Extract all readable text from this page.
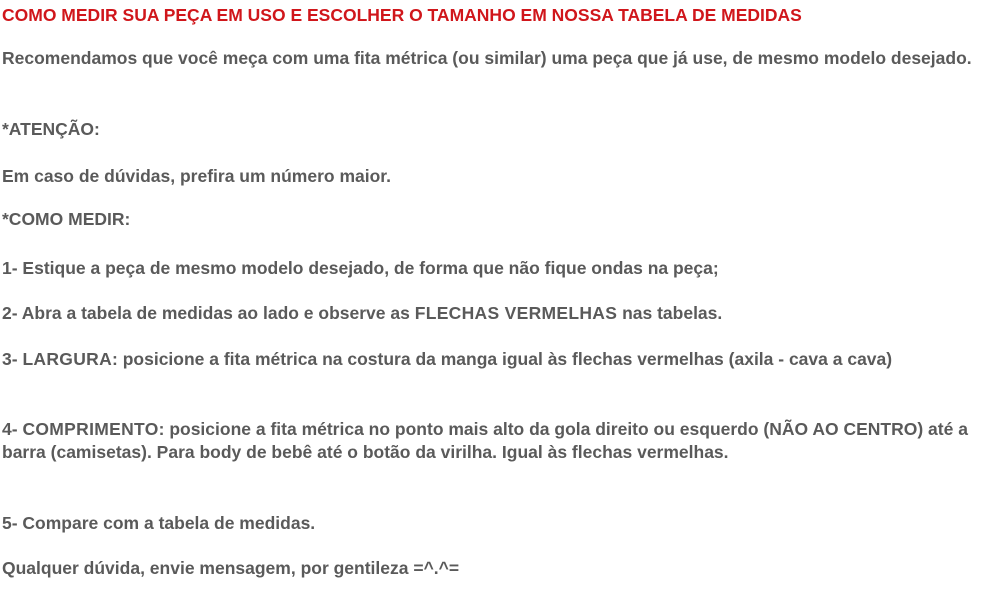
COMO MEDIR SUA PEÇA EM USO E ESCOLHER O TAMANHO EM NOSSA TABELA DE MEDIDAS

Recomendamos que você meça com uma fita métrica (ou similar) uma peça que já use, de mesmo modelo desejado.

*ATENÇÃO:

Em caso de dúvidas, prefira um número maior.

*COMO MEDIR:

1- Estique a peça de mesmo modelo desejado, de forma que não fique ondas na peça;

2- Abra a tabela de medidas ao lado e observe as FLECHAS VERMELHAS nas tabelas.

3- LARGURA: posicione a fita métrica na costura da manga igual às flechas vermelhas (axila - cava a cava)

4- COMPRIMENTO: posicione a fita métrica no ponto mais alto da gola direito ou esquerdo (NÃO AO CENTRO) até a barra (camisetas). Para body de bebê até o botão da virilha. Igual às flechas vermelhas.

5- Compare com a tabela de medidas.

Qualquer dúvida, envie mensagem, por gentileza =^.^=
